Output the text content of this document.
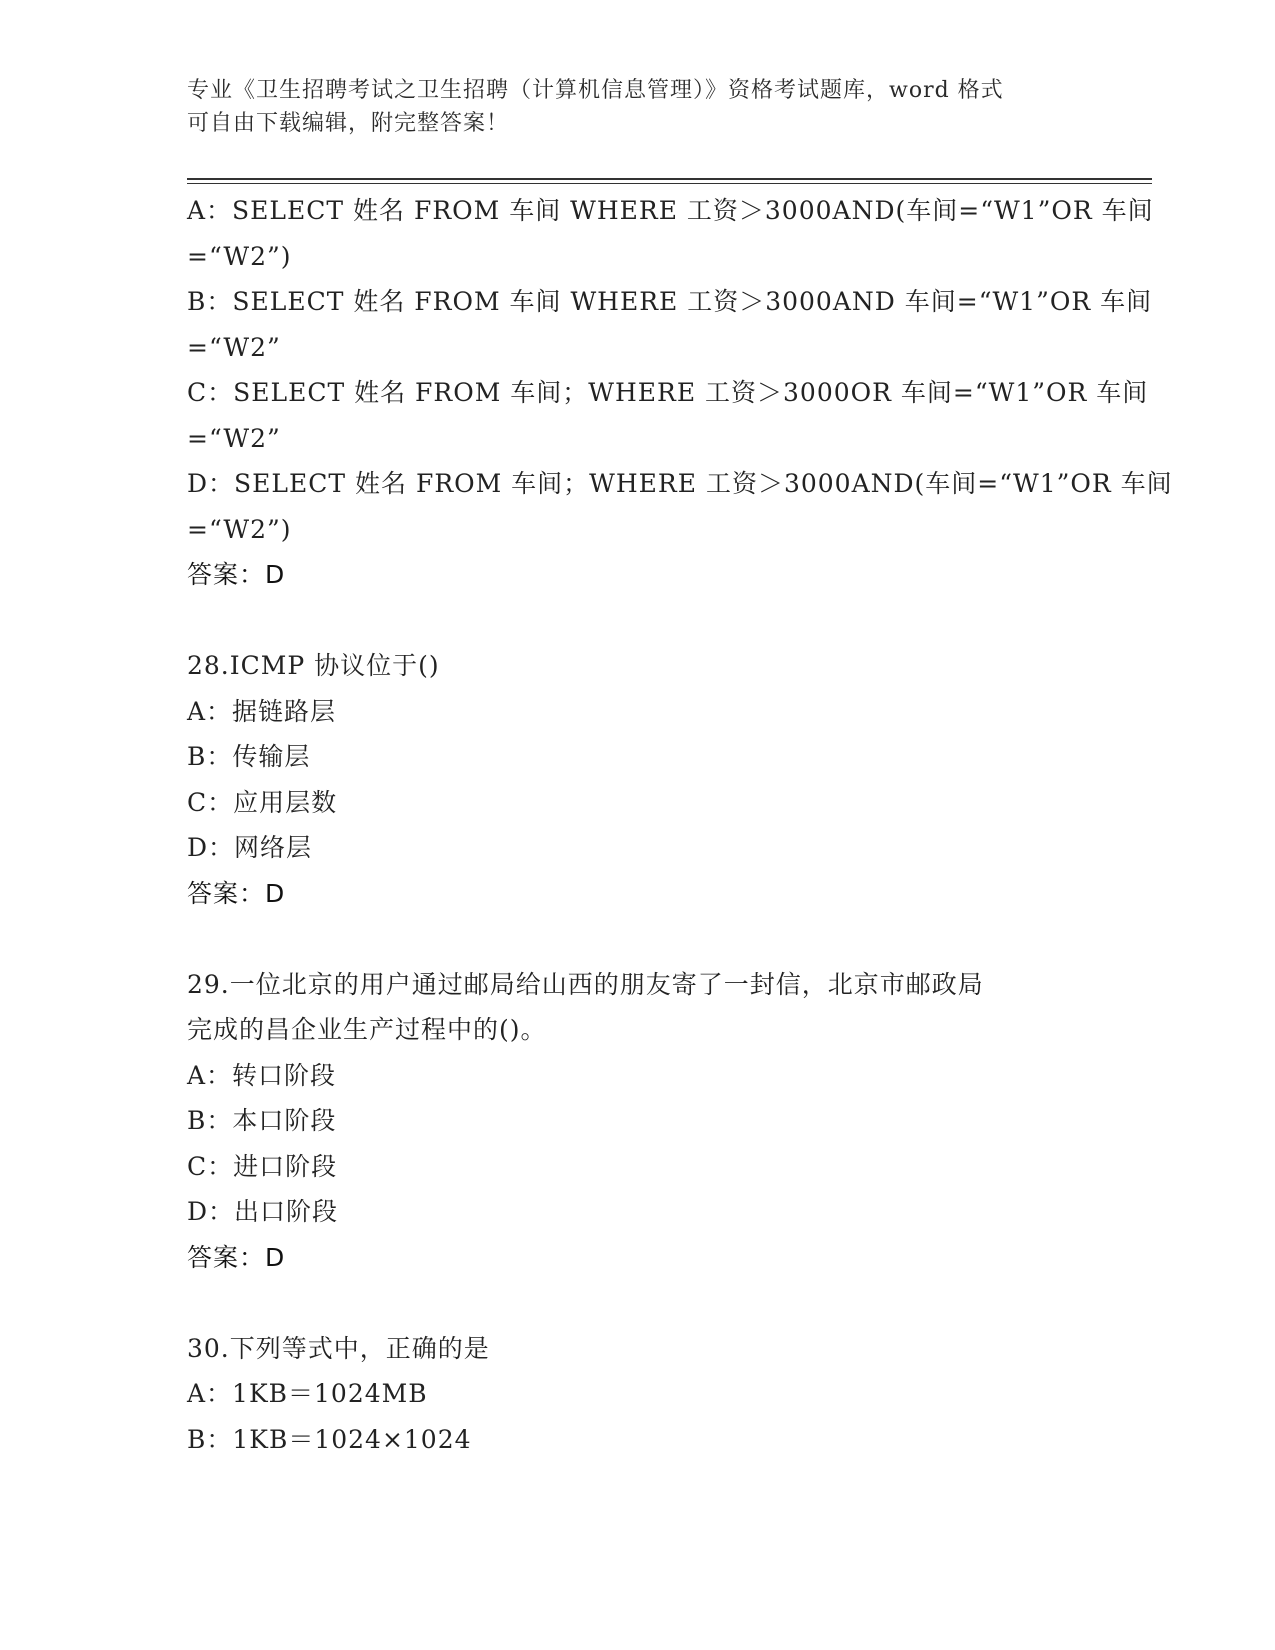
专业《卫生招聘考试之卫生招聘（计算机信息管理）》资格考试题库，word 格式
可自由下载编辑，附完整答案！
A：SELECT 姓名 FROM 车间 WHERE 工资＞3000AND(车间=“W1”OR 车间
=“W2”)
B：SELECT 姓名 FROM 车间 WHERE 工资＞3000AND 车间=“W1”OR 车间
=“W2”
C：SELECT 姓名 FROM 车间；WHERE 工资＞3000OR 车间=“W1”OR 车间
=“W2”
D：SELECT 姓名 FROM 车间；WHERE 工资＞3000AND(车间=“W1”OR 车间
=“W2”)
答案：D
28.ICMP 协议位于()
A：据链路层
B：传输层
C：应用层数
D：网络层
答案：D
29.一位北京的用户通过邮局给山西的朋友寄了一封信，北京市邮政局
完成的昌企业生产过程中的()。
A：转口阶段
B：本口阶段
C：进口阶段
D：出口阶段
答案：D
30.下列等式中，正确的是
A：1KB＝1024MB
B：1KB＝1024×1024
